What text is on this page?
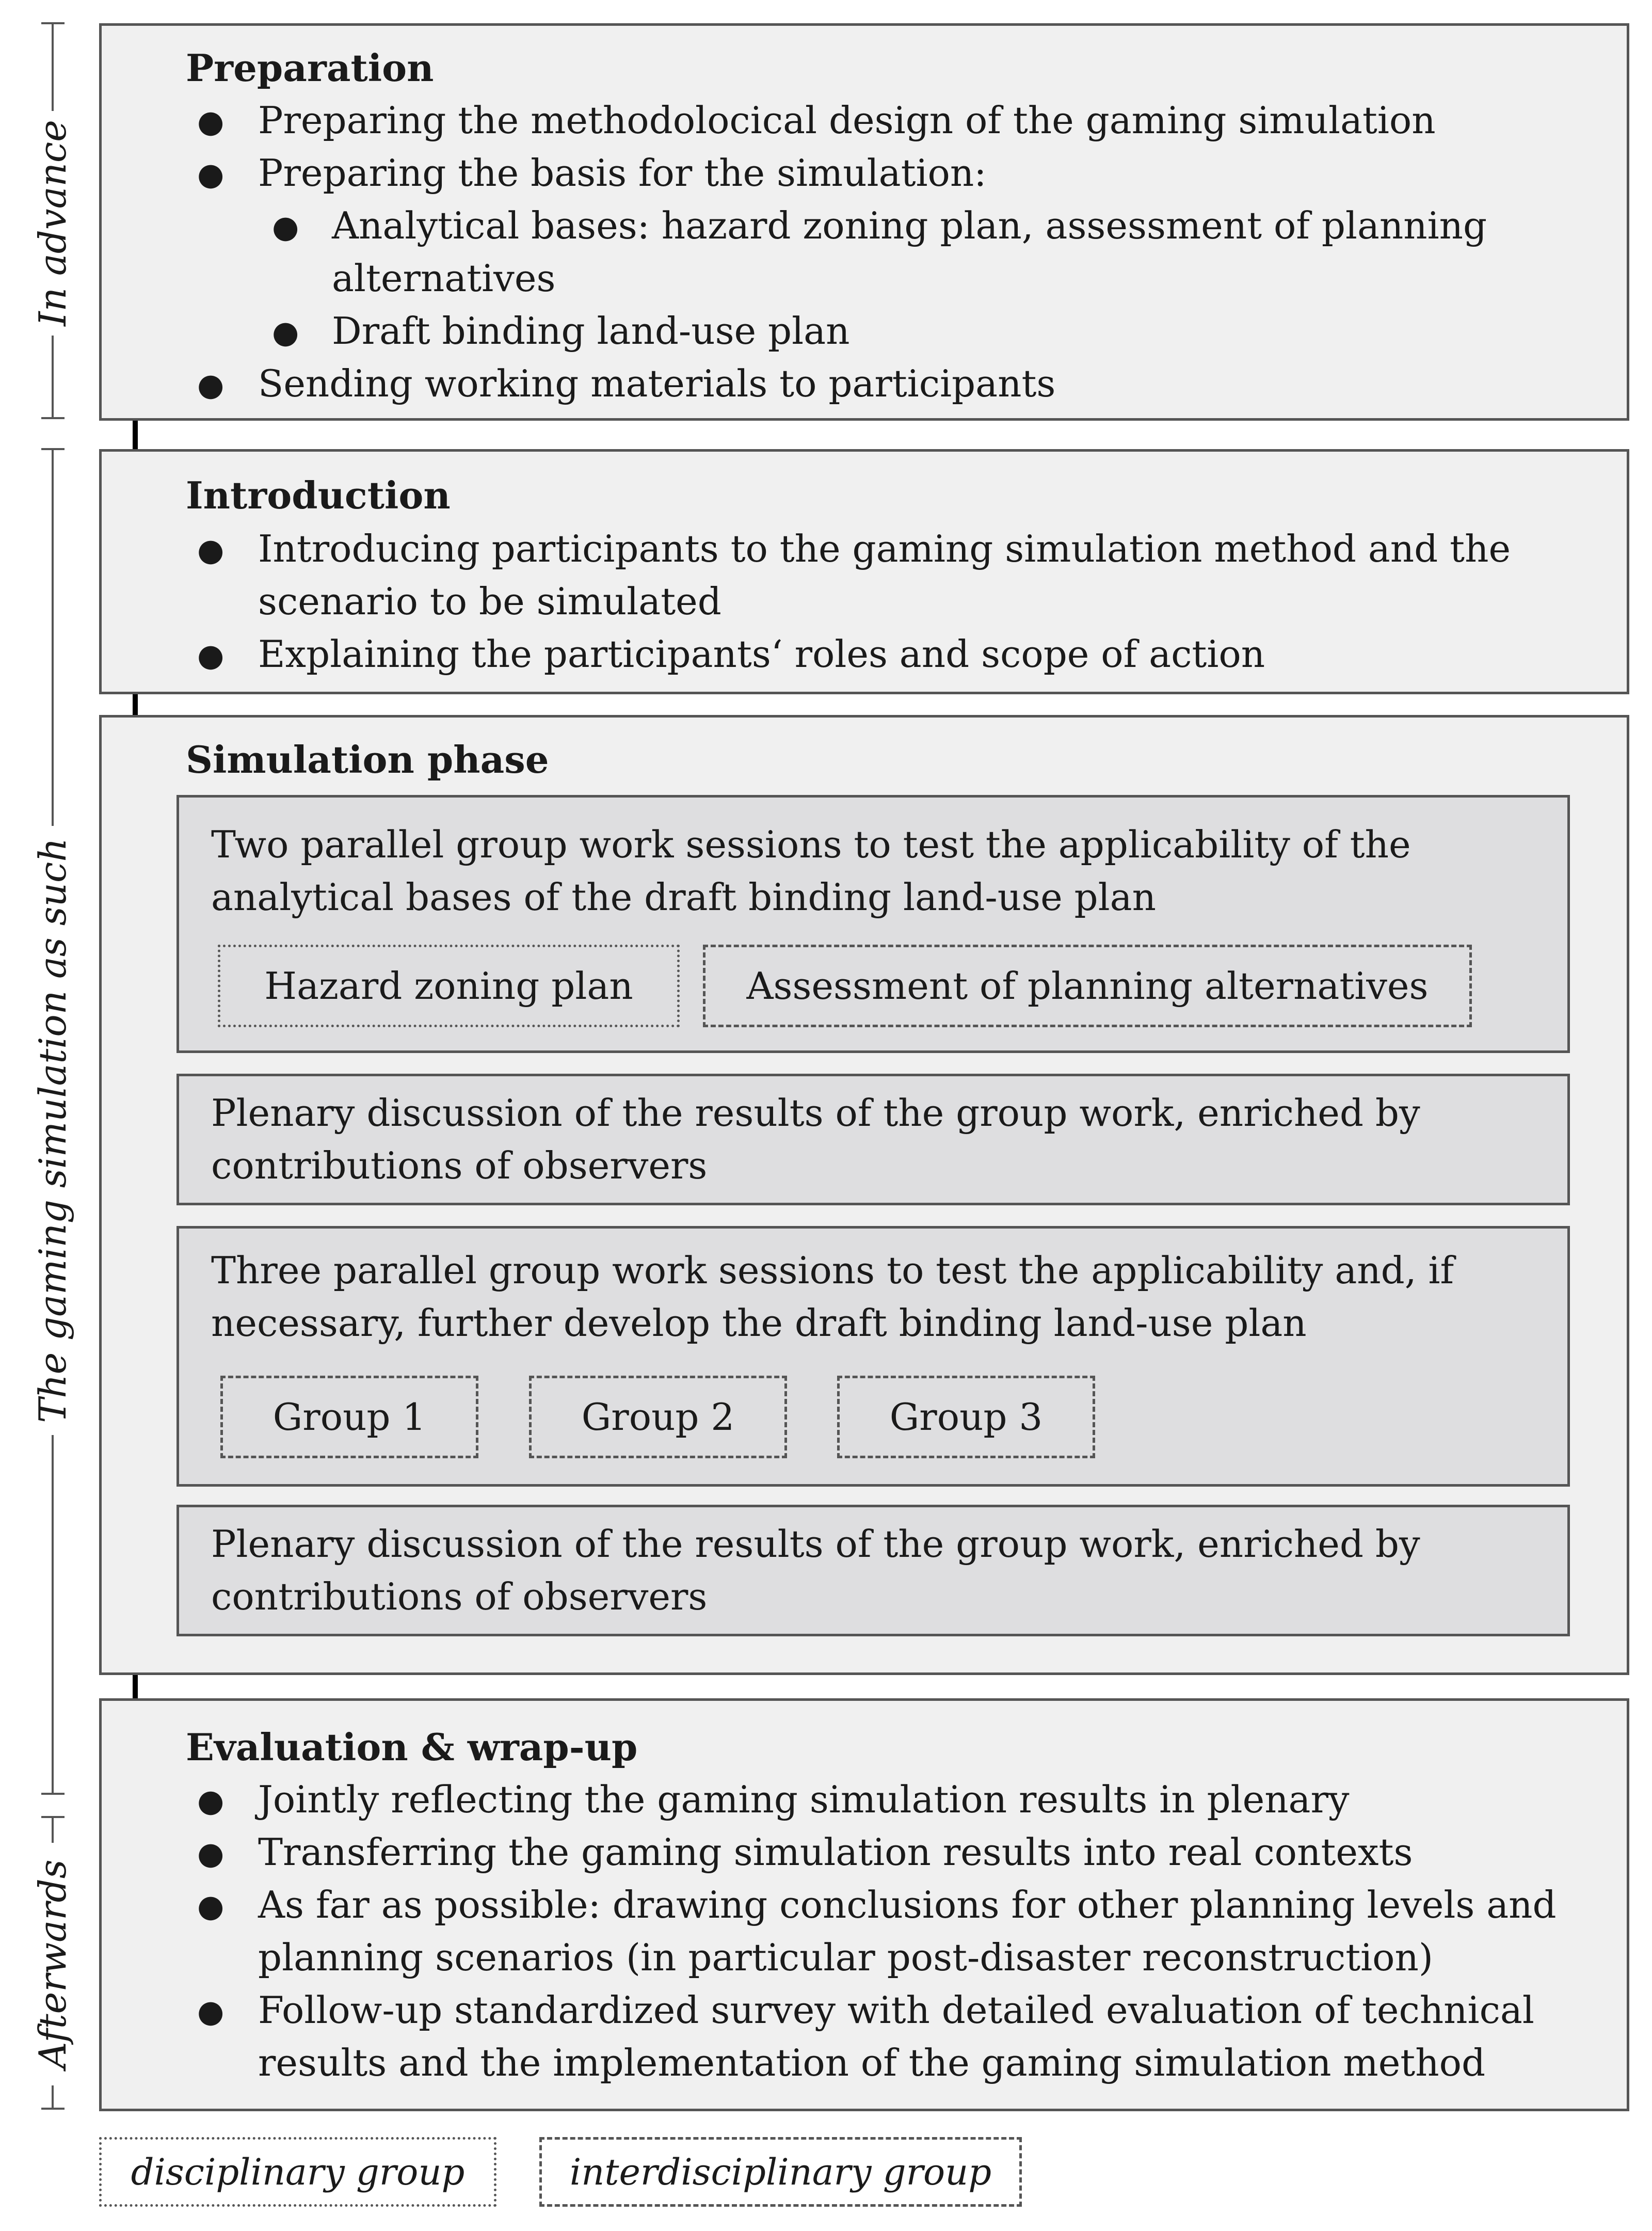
In advance
The gaming simulation as such
Afterwards
Preparation
● Preparing the methodolocical design of the gaming simulation
● Preparing the basis for the simulation:
● Analytical bases: hazard zoning plan, assessment of planning
alternatives
● Draft binding land-use plan
● Sending working materials to participants
Introduction
● Introducing participants to the gaming simulation method and the
scenario to be simulated
● Explaining the participants‘ roles and scope of action
Simulation phase
Two parallel group work sessions to test the applicability of the
analytical bases of the draft binding land-use plan
Hazard zoning plan	Assessment of planning alternatives
Plenary discussion of the results of the group work, enriched by
contributions of observers
Three parallel group work sessions to test the applicability and, if
necessary, further develop the draft binding land-use plan
Group 1	Group 2	Group 3
Plenary discussion of the results of the group work, enriched by
contributions of observers
Evaluation & wrap-up
● Jointly reflecting the gaming simulation results in plenary
● Transferring the gaming simulation results into real contexts
● As far as possible: drawing conclusions for other planning levels and
planning scenarios (in particular post-disaster reconstruction)
● Follow-up standardized survey with detailed evaluation of technical
results and the implementation of the gaming simulation method
disciplinary group	interdisciplinary group
